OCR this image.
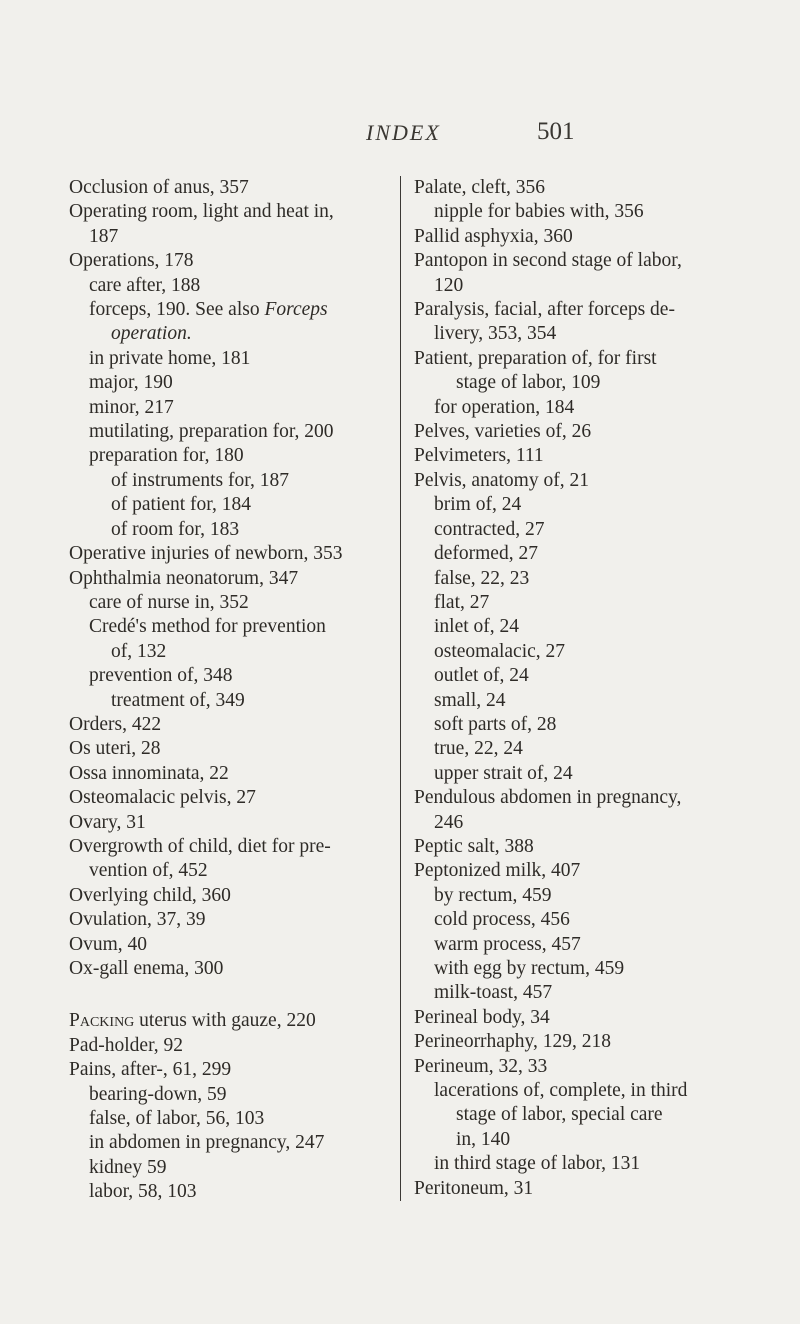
INDEX	501
Occlusion of anus, 357
Operating room, light and heat in,
187
Operations, 178
care after, 188
forceps, 190. See also Forceps
operation.
in private home, 181
major, 190
minor, 217
mutilating, preparation for, 200
preparation for, 180
of instruments for, 187
of patient for, 184
of room for, 183
Operative injuries of newborn, 353
Ophthalmia neonatorum, 347
care of nurse in, 352
Credé's method for prevention
of, 132
prevention of, 348
treatment of, 349
Orders, 422
Os uteri, 28
Ossa innominata, 22
Osteomalacic pelvis, 27
Ovary, 31
Overgrowth of child, diet for pre-
vention of, 452
Overlying child, 360
Ovulation, 37, 39
Ovum, 40
Ox-gall enema, 300
Packing uterus with gauze, 220
Pad-holder, 92
Pains, after-, 61, 299
bearing-down, 59
false, of labor, 56, 103
in abdomen in pregnancy, 247
kidney 59
labor, 58, 103
Palate, cleft, 356
nipple for babies with, 356
Pallid asphyxia, 360
Pantopon in second stage of labor,
120
Paralysis, facial, after forceps de-
livery, 353, 354
Patient, preparation of, for first
stage of labor, 109
for operation, 184
Pelves, varieties of, 26
Pelvimeters, 111
Pelvis, anatomy of, 21
brim of, 24
contracted, 27
deformed, 27
false, 22, 23
flat, 27
inlet of, 24
osteomalacic, 27
outlet of, 24
small, 24
soft parts of, 28
true, 22, 24
upper strait of, 24
Pendulous abdomen in pregnancy,
246
Peptic salt, 388
Peptonized milk, 407
by rectum, 459
cold process, 456
warm process, 457
with egg by rectum, 459
milk-toast, 457
Perineal body, 34
Perineorrhaphy, 129, 218
Perineum, 32, 33
lacerations of, complete, in third
stage of labor, special care
in, 140
in third stage of labor, 131
Peritoneum, 31
